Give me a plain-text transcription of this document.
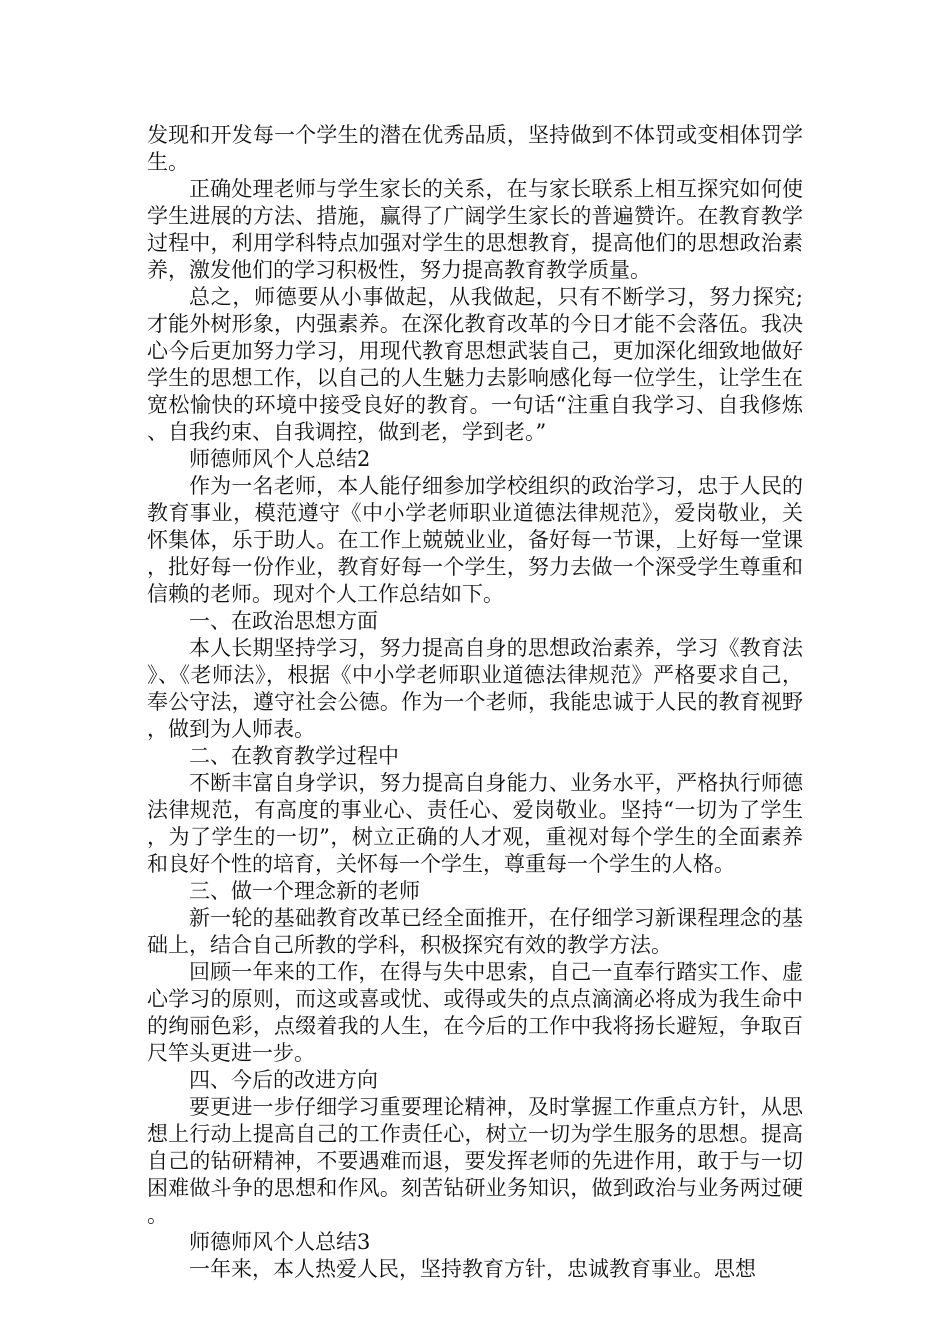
发现和开发每一个学生的潜在优秀品质，坚持做到不体罚或变相体罚学生。

正确处理老师与学生家长的关系，在与家长联系上相互探究如何使学生进展的方法、措施，赢得了广阔学生家长的普遍赞许。在教育教学过程中，利用学科特点加强对学生的思想教育，提高他们的思想政治素养，激发他们的学习积极性，努力提高教育教学质量。

总之，师德要从小事做起，从我做起，只有不断学习，努力探究;才能外树形象，内强素养。在深化教育改革的今日才能不会落伍。我决心今后更加努力学习，用现代教育思想武装自己，更加深化细致地做好学生的思想工作，以自己的人生魅力去影响感化每一位学生，让学生在宽松愉快的环境中接受良好的教育。一句话“注重自我学习、自我修炼、自我约束、自我调控，做到老，学到老。”

师德师风个人总结2

作为一名老师，本人能仔细参加学校组织的政治学习，忠于人民的教育事业，模范遵守《中小学老师职业道德法律规范》，爱岗敬业，关怀集体，乐于助人。在工作上兢兢业业，备好每一节课，上好每一堂课，批好每一份作业，教育好每一个学生，努力去做一个深受学生尊重和信赖的老师。现对个人工作总结如下。

一、在政治思想方面

本人长期坚持学习，努力提高自身的思想政治素养，学习《教育法》、《老师法》，根据《中小学老师职业道德法律规范》严格要求自己，奉公守法，遵守社会公德。作为一个老师，我能忠诚于人民的教育视野，做到为人师表。

二、在教育教学过程中

不断丰富自身学识，努力提高自身能力、业务水平，严格执行师德法律规范，有高度的事业心、责任心、爱岗敬业。坚持“一切为了学生，为了学生的一切”，树立正确的人才观，重视对每个学生的全面素养和良好个性的培育，关怀每一个学生，尊重每一个学生的人格。

三、做一个理念新的老师

新一轮的基础教育改革已经全面推开，在仔细学习新课程理念的基础上，结合自己所教的学科，积极探究有效的教学方法。

回顾一年来的工作，在得与失中思索，自己一直奉行踏实工作、虚心学习的原则，而这或喜或忧、或得或失的点点滴滴必将成为我生命中的绚丽色彩，点缀着我的人生，在今后的工作中我将扬长避短，争取百尺竿头更进一步。

四、今后的改进方向

要更进一步仔细学习重要理论精神，及时掌握工作重点方针，从思想上行动上提高自己的工作责任心，树立一切为学生服务的思想。提高自己的钻研精神，不要遇难而退，要发挥老师的先进作用，敢于与一切困难做斗争的思想和作风。刻苦钻研业务知识，做到政治与业务两过硬。

师德师风个人总结3

一年来，本人热爱人民，坚持教育方针，忠诚教育事业。思想
